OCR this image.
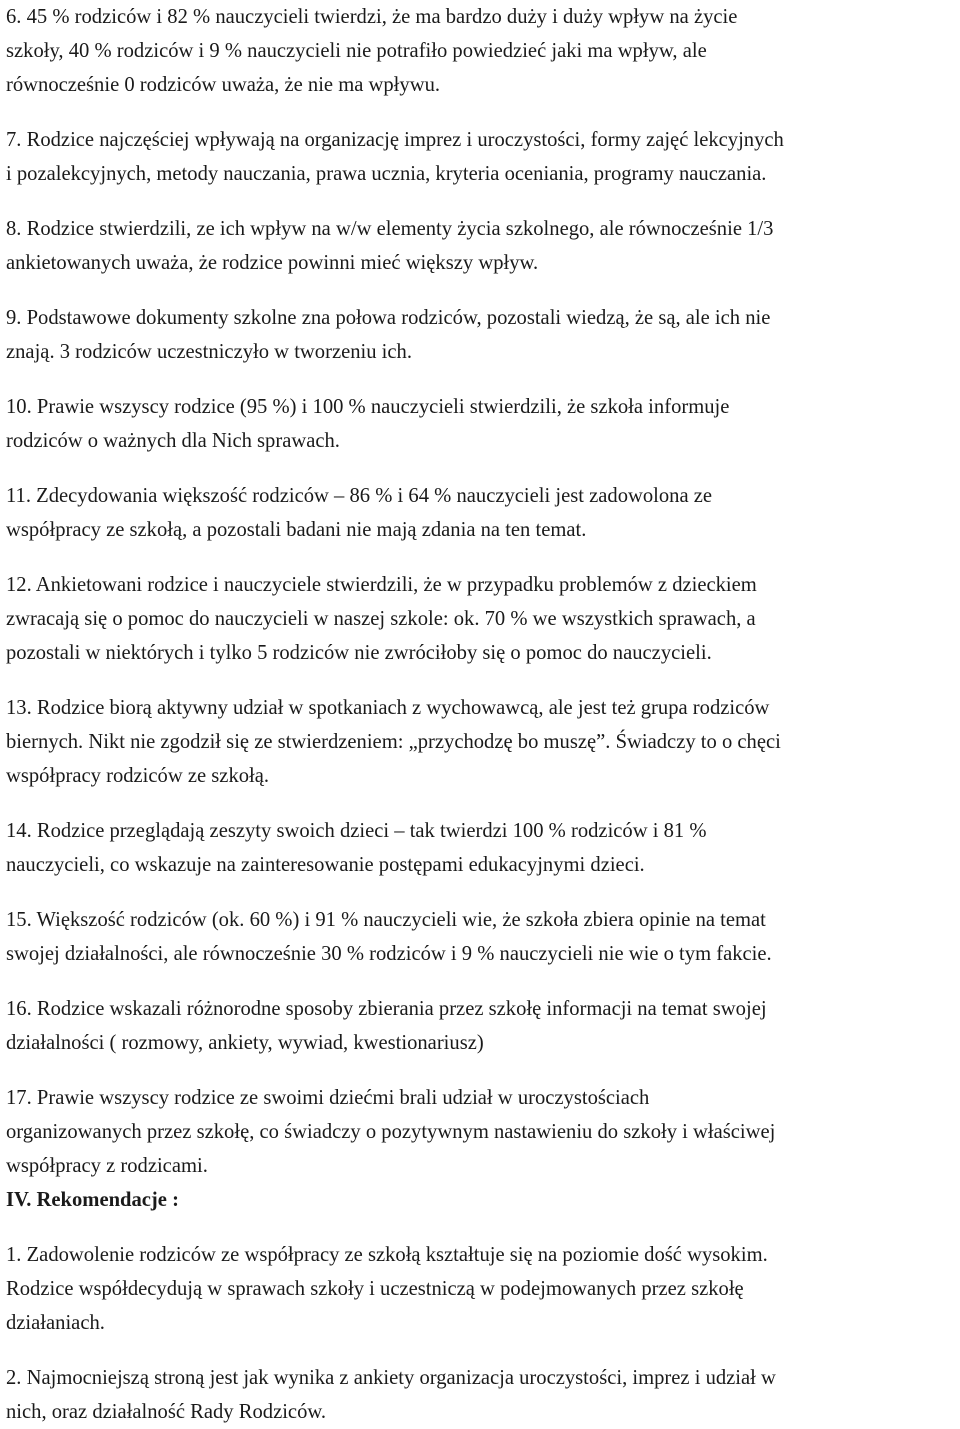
6. 45 % rodziców i 82 % nauczycieli twierdzi, że ma bardzo duży i duży wpływ na życie
szkoły, 40 % rodziców i 9 % nauczycieli nie potrafiło powiedzieć jaki ma wpływ, ale
równocześnie 0 rodziców uważa, że nie ma wpływu.

7. Rodzice najczęściej wpływają na organizację imprez i uroczystości, formy zajęć lekcyjnych
i pozalekcyjnych, metody nauczania, prawa ucznia, kryteria oceniania, programy nauczania.

8. Rodzice stwierdzili, ze ich wpływ na w/w elementy życia szkolnego, ale równocześnie 1/3
ankietowanych uważa, że rodzice powinni mieć większy wpływ.

9. Podstawowe dokumenty szkolne zna połowa rodziców, pozostali wiedzą, że są, ale ich nie
znają. 3 rodziców uczestniczyło w tworzeniu ich.

10. Prawie wszyscy rodzice (95 %) i 100 % nauczycieli stwierdzili, że szkoła informuje
rodziców o ważnych dla Nich sprawach.

11. Zdecydowania większość rodziców – 86 % i 64 % nauczycieli jest zadowolona ze
współpracy ze szkołą, a pozostali badani nie mają zdania na ten temat.

12. Ankietowani rodzice i nauczyciele stwierdzili, że w przypadku problemów z dzieckiem
zwracają się o pomoc do nauczycieli w naszej szkole: ok. 70 % we wszystkich sprawach, a
pozostali w niektórych i tylko 5 rodziców nie zwróciłoby się o pomoc do nauczycieli.

13. Rodzice biorą aktywny udział w spotkaniach z wychowawcą, ale jest też grupa rodziców
biernych. Nikt nie zgodził się ze stwierdzeniem: „przychodzę bo muszę”. Świadczy to o chęci
współpracy rodziców ze szkołą.

14. Rodzice przeglądają zeszyty swoich dzieci – tak twierdzi 100 % rodziców i 81 %
nauczycieli, co wskazuje na zainteresowanie postępami edukacyjnymi dzieci.

15. Większość rodziców (ok. 60 %) i 91 % nauczycieli wie, że szkoła zbiera opinie na temat
swojej działalności, ale równocześnie 30 % rodziców i 9 % nauczycieli nie wie o tym fakcie.

16. Rodzice wskazali różnorodne sposoby zbierania przez szkołę informacji na temat swojej
działalności ( rozmowy, ankiety, wywiad, kwestionariusz)

17. Prawie wszyscy rodzice ze swoimi dziećmi brali udział w uroczystościach
organizowanych przez szkołę, co świadczy o pozytywnym nastawieniu do szkoły i właściwej
współpracy z rodzicami.

IV. Rekomendacje :

1. Zadowolenie rodziców ze współpracy ze szkołą kształtuje się na poziomie dość wysokim.
Rodzice współdecydują w sprawach szkoły i uczestniczą w podejmowanych przez szkołę
działaniach.

2. Najmocniejszą stroną jest jak wynika z ankiety organizacja uroczystości, imprez i udział w
nich, oraz działalność Rady Rodziców.
